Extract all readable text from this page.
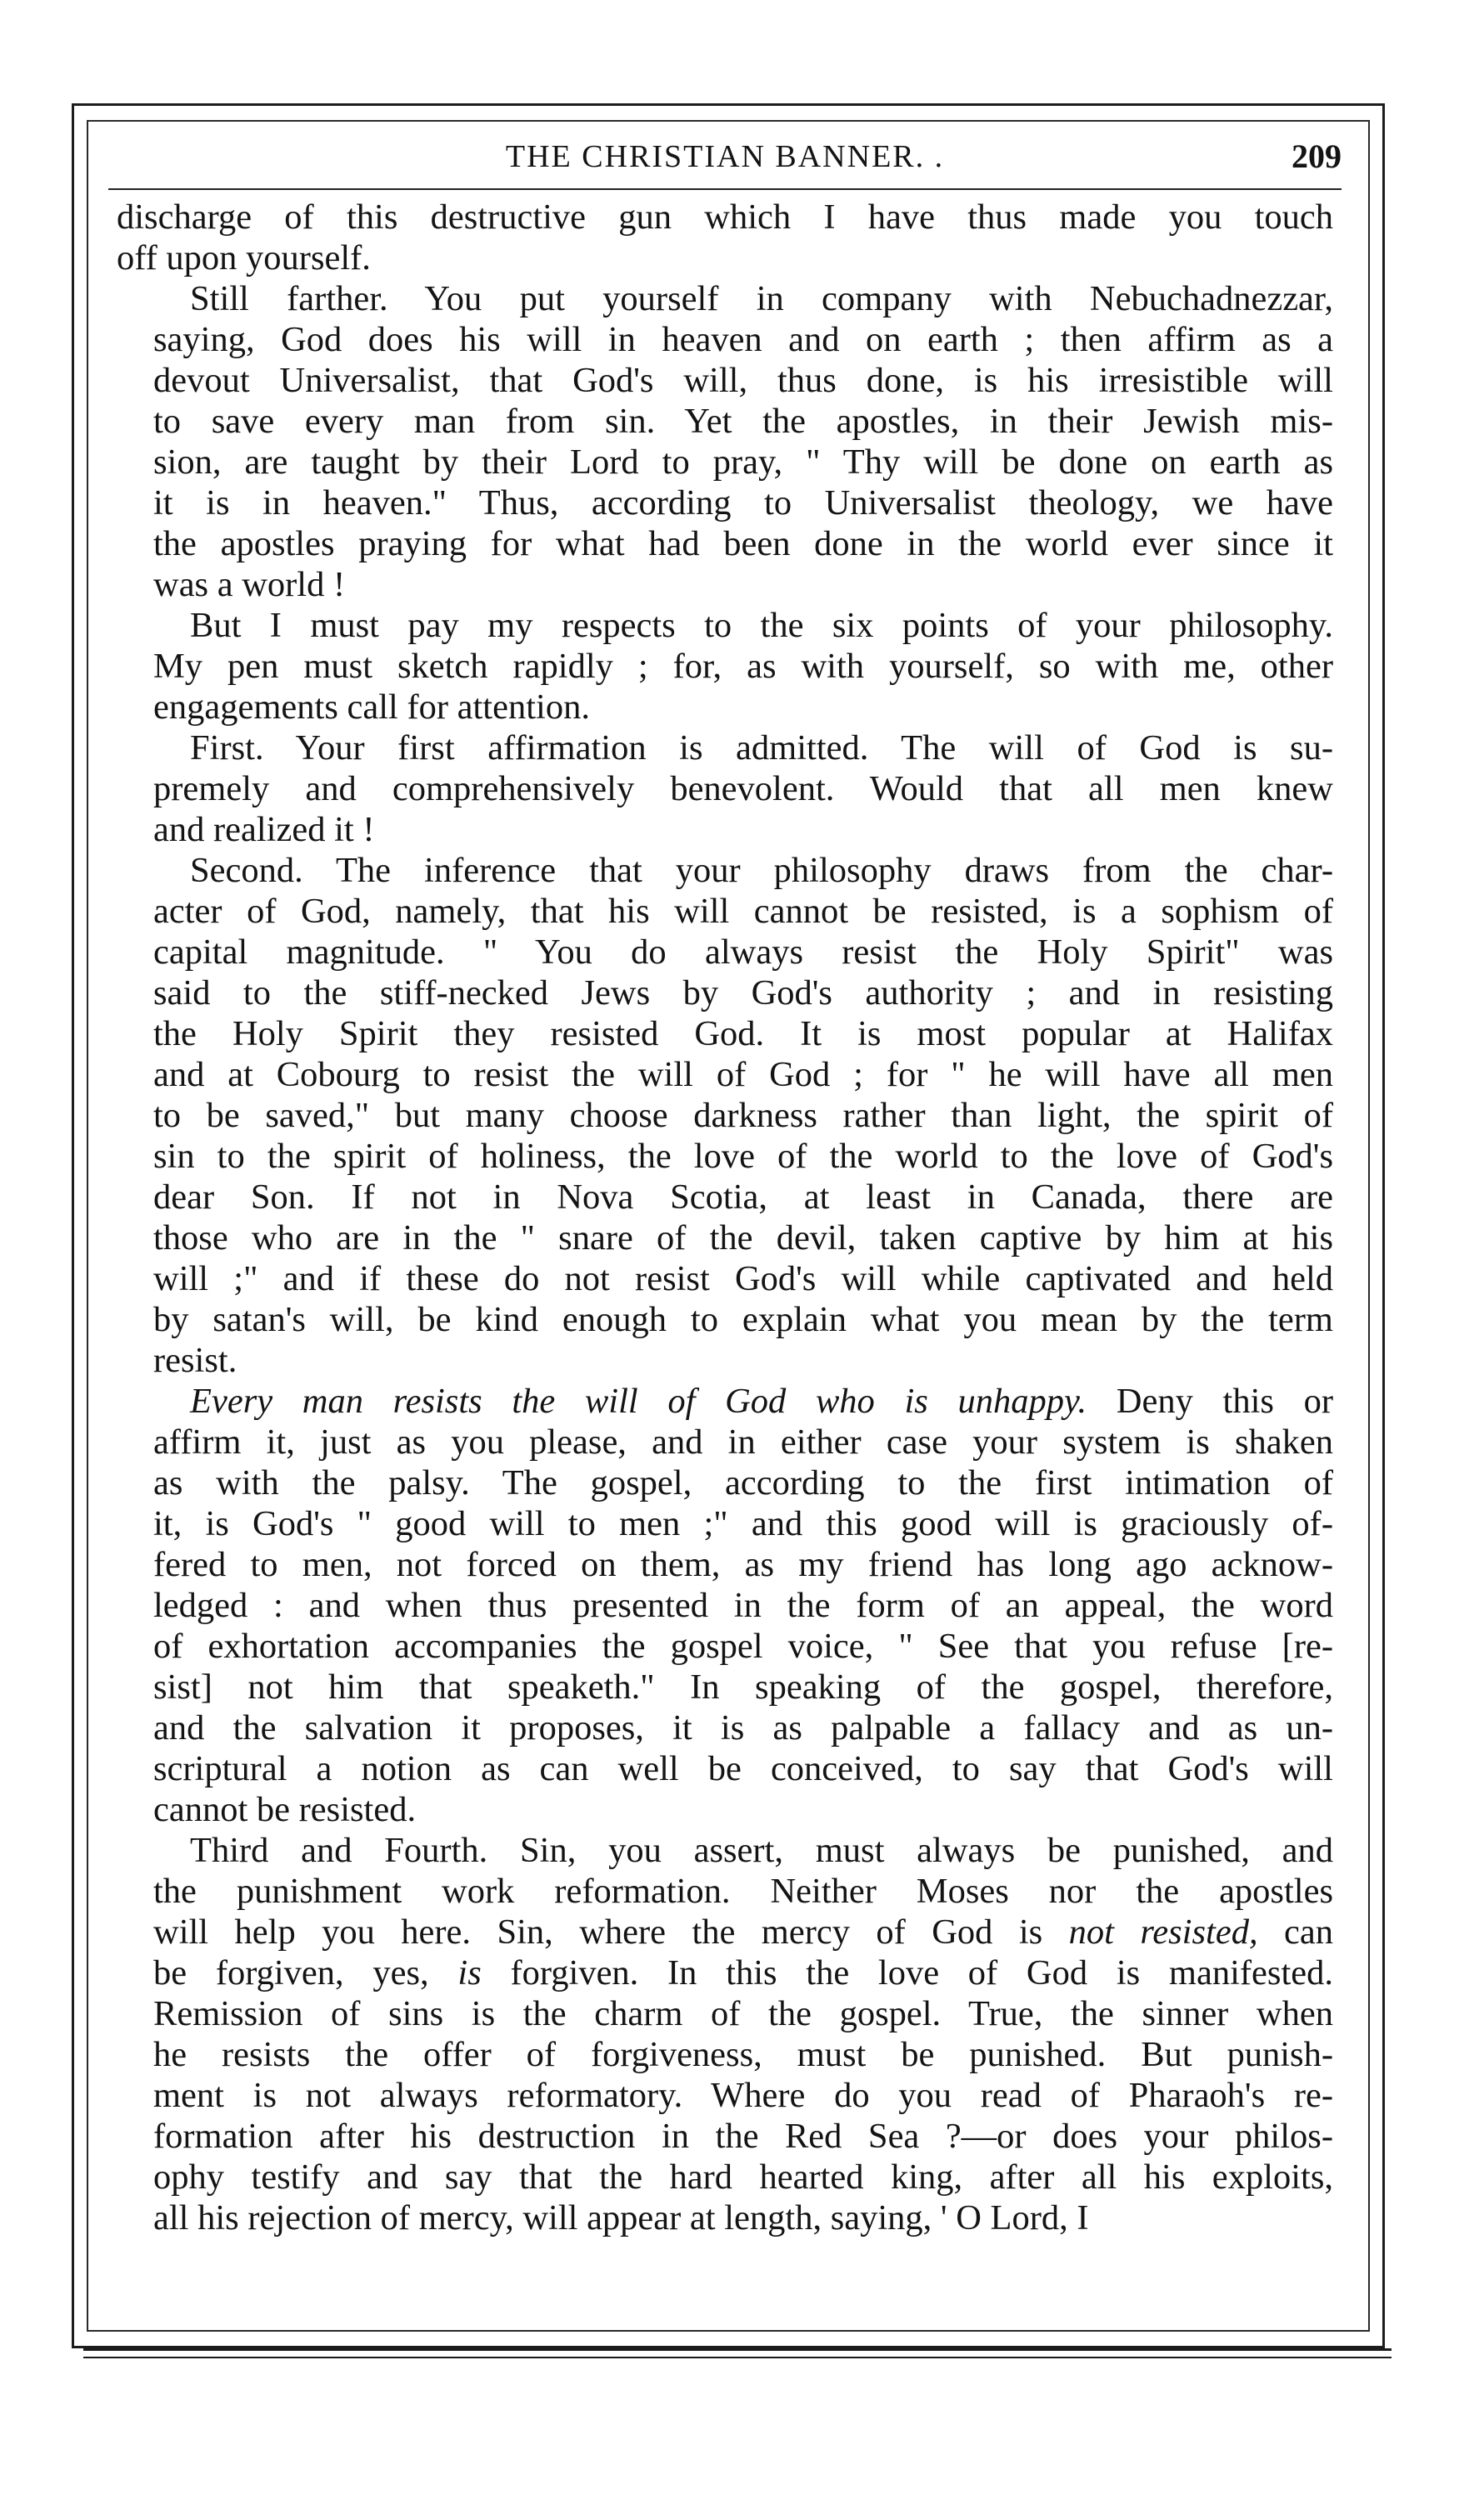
THE CHRISTIAN BANNER. .	209

discharge of this destructive gun which I have thus made you touch
off upon yourself.

Still farther. You put yourself in company with Nebuchadnezzar,
saying, God does his will in heaven and on earth ; then affirm as a
devout Universalist, that God's will, thus done, is his irresistible will
to save every man from sin. Yet the apostles, in their Jewish mis-
sion, are taught by their Lord to pray, " Thy will be done on earth as
it is in heaven." Thus, according to Universalist theology, we have
the apostles praying for what had been done in the world ever since it
was a world !

But I must pay my respects to the six points of your philosophy.
My pen must sketch rapidly ; for, as with yourself, so with me, other
engagements call for attention.

First. Your first affirmation is admitted. The will of God is su-
premely and comprehensively benevolent. Would that all men knew
and realized it !

Second. The inference that your philosophy draws from the char-
acter of God, namely, that his will cannot be resisted, is a sophism of
capital magnitude. " You do always resist the Holy Spirit" was
said to the stiff-necked Jews by God's authority ; and in resisting
the Holy Spirit they resisted God. It is most popular at Halifax
and at Cobourg to resist the will of God ; for " he will have all men
to be saved," but many choose darkness rather than light, the spirit of
sin to the spirit of holiness, the love of the world to the love of God's
dear Son. If not in Nova Scotia, at least in Canada, there are
those who are in the " snare of the devil, taken captive by him at his
will ;" and if these do not resist God's will while captivated and held
by satan's will, be kind enough to explain what you mean by the term
resist.

Every man resists the will of God who is unhappy. Deny this or
affirm it, just as you please, and in either case your system is shaken
as with the palsy. The gospel, according to the first intimation of
it, is God's " good will to men ;" and this good will is graciously of-
fered to men, not forced on them, as my friend has long ago acknow-
ledged : and when thus presented in the form of an appeal, the word
of exhortation accompanies the gospel voice, " See that you refuse [re-
sist] not him that speaketh." In speaking of the gospel, therefore,
and the salvation it proposes, it is as palpable a fallacy and as un-
scriptural a notion as can well be conceived, to say that God's will
cannot be resisted.

Third and Fourth. Sin, you assert, must always be punished, and
the punishment work reformation. Neither Moses nor the apostles
will help you here. Sin, where the mercy of God is not resisted, can
be forgiven, yes, is forgiven. In this the love of God is manifested.
Remission of sins is the charm of the gospel. True, the sinner when
he resists the offer of forgiveness, must be punished. But punish-
ment is not always reformatory. Where do you read of Pharaoh's re-
formation after his destruction in the Red Sea ?—or does your philos-
ophy testify and say that the hard hearted king, after all his exploits,
all his rejection of mercy, will appear at length, saying, ' O Lord, I
